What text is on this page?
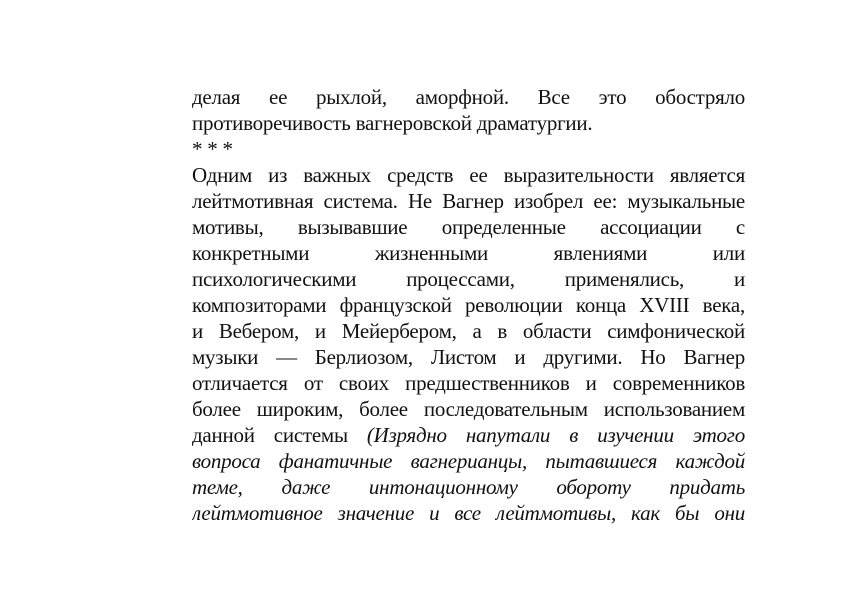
делая ее рыхлой, аморфной. Все это обостряло
противоречивость вагнеровской драматургии.
* * *
Одним из важных средств ее выразительности является
лейтмотивная система. Не Вагнер изобрел ее: музыкальные
мотивы, вызывавшие определенные ассоциации с
конкретными жизненными явлениями или
психологическими процессами, применялись, и
композиторами французской революции конца XVIII века,
и Вебером, и Мейербером, а в области симфонической
музыки — Берлиозом, Листом и другими. Но Вагнер
отличается от своих предшественников и современников
более широким, более последовательным использованием
данной системы (Изрядно напутали в изучении этого
вопроса фанатичные вагнерианцы, пытавшиеся каждой
теме, даже интонационному обороту придать
лейтмотивное значение и все лейтмотивы, как бы они
